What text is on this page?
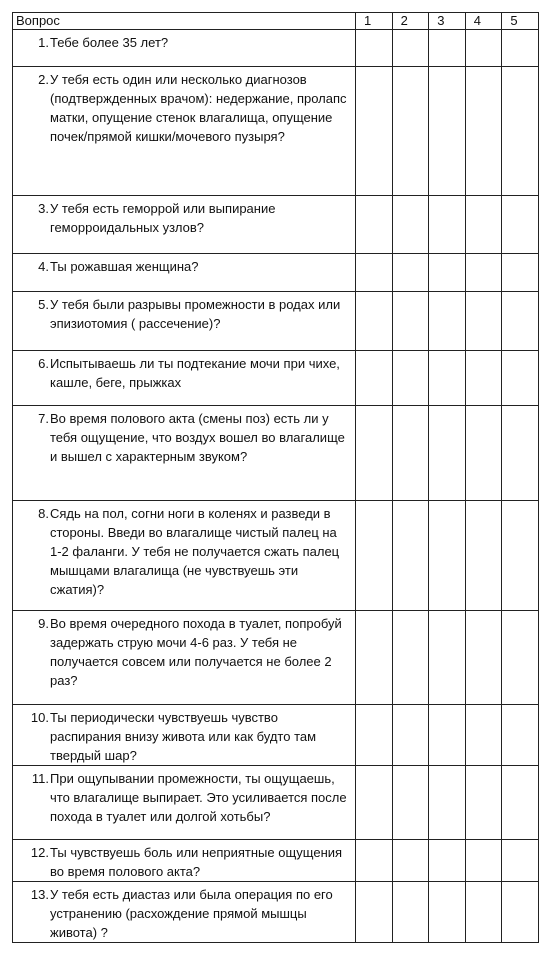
Вопрос	1	2	3	4	5

1. Тебе более 35 лет?					

2. У тебя есть один или несколько диагнозов (подтвержденных врачом): недержание, пролапс матки, опущение стенок влагалища, опущение почек/прямой кишки/мочевого пузыря?					

3. У тебя есть геморрой или выпирание геморроидальных узлов?					

4. Ты рожавшая женщина?					

5. У тебя были разрывы промежности в родах или эпизиотомия ( рассечение)?					

6. Испытываешь ли ты подтекание мочи при чихе, кашле, беге, прыжках					

7. Во время полового акта (смены поз) есть ли у тебя ощущение, что воздух вошел во влагалище и вышел с характерным звуком?					

8. Сядь на пол, согни ноги в коленях и разведи в стороны. Введи во влагалище чистый палец на 1-2 фаланги. У тебя не получается сжать палец мышцами влагалища (не чувствуешь эти сжатия)?					

9. Во время очередного похода в туалет, попробуй задержать струю мочи 4-6 раз. У тебя не получается совсем или получается не более 2 раз?					

10. Ты периодически чувствуешь чувство распирания внизу живота или как будто там твердый шар?					

11. При ощупывании промежности, ты ощущаешь, что влагалище выпирает. Это усиливается после похода в туалет или долгой хотьбы?					

12. Ты чувствуешь боль или неприятные ощущения во время полового акта?					

13. У тебя есть диастаз или была операция по его устранению (расхождение прямой мышцы живота) ?					
